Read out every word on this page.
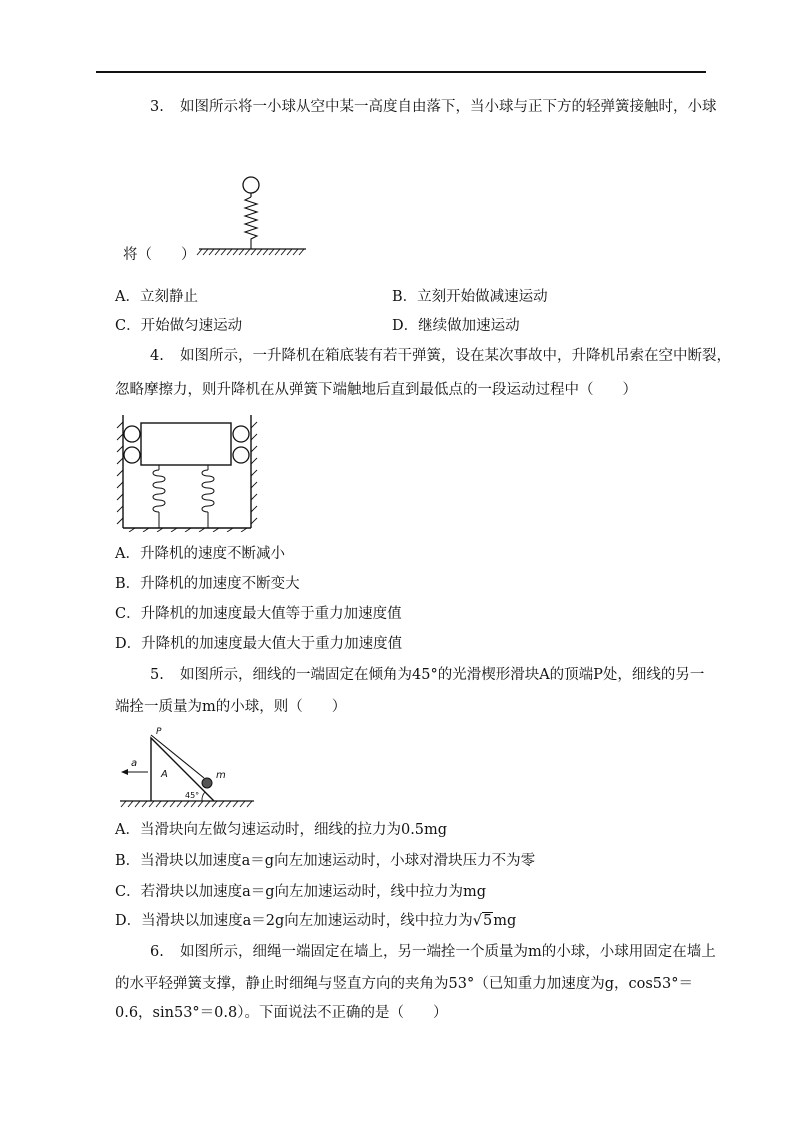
3. 如图所示将一小球从空中某一高度自由落下，当小球与正下方的轻弹簧接触时，小球
将（　　）
A．立刻静止	B．立刻开始做减速运动
C．开始做匀速运动	D．继续做加速运动
4. 如图所示，一升降机在箱底装有若干弹簧，设在某次事故中，升降机吊索在空中断裂，
忽略摩擦力，则升降机在从弹簧下端触地后直到最低点的一段运动过程中（　　）
A．升降机的速度不断减小
B．升降机的加速度不断变大
C．升降机的加速度最大值等于重力加速度值
D．升降机的加速度最大值大于重力加速度值
5. 如图所示，细线的一端固定在倾角为45°的光滑楔形滑块A的顶端P处，细线的另一
端拴一质量为m的小球，则（　　）
a
P
A	m
45°
A．当滑块向左做匀速运动时，细线的拉力为0.5mg
B．当滑块以加速度a＝g向左加速运动时，小球对滑块压力不为零
C．若滑块以加速度a＝g向左加速运动时，线中拉力为mg
D．当滑块以加速度a＝2g向左加速运动时，线中拉力为√5mg
6. 如图所示，细绳一端固定在墙上，另一端拴一个质量为m的小球，小球用固定在墙上
的水平轻弹簧支撑，静止时细绳与竖直方向的夹角为53°（已知重力加速度为g，cos53°＝
0.6，sin53°＝0.8）。下面说法不正确的是（　　）
